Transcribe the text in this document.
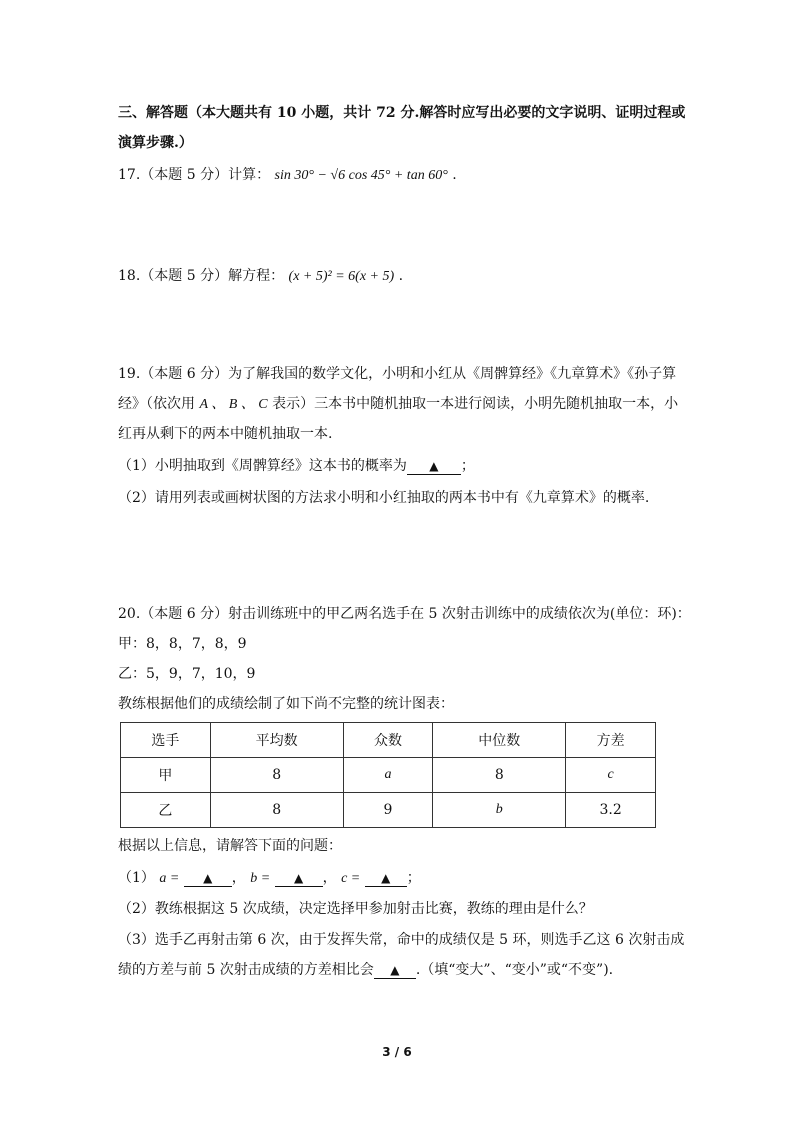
三、解答题（本大题共有 10 小题，共计 72 分.解答时应写出必要的文字说明、证明过程或
演算步骤.）
17.（本题 5 分）计算： sin 30° − √6 cos 45° + tan 60° .
18.（本题 5 分）解方程： (x + 5)² = 6(x + 5) .
19.（本题 6 分）为了解我国的数学文化，小明和小红从《周髀算经》《九章算术》《孙子算
经》（依次用 A 、 B 、 C 表示）三本书中随机抽取一本进行阅读，小明先随机抽取一本，小
红再从剩下的两本中随机抽取一本.
（1）小明抽取到《周髀算经》这本书的概率为 ▲ ；
（2）请用列表或画树状图的方法求小明和小红抽取的两本书中有《九章算术》的概率.
20.（本题 6 分）射击训练班中的甲乙两名选手在 5 次射击训练中的成绩依次为(单位：环)：
甲：8，8，7，8，9
乙：5，9，7，10，9
教练根据他们的成绩绘制了如下尚不完整的统计图表：
选手	平均数	众数	中位数	方差
甲	8	a	8	c
乙	8	9	b	3.2
根据以上信息，请解答下面的问题：
（1） a = ▲ ， b = ▲ ， c = ▲ ；
（2）教练根据这 5 次成绩，决定选择甲参加射击比赛，教练的理由是什么？
（3）选手乙再射击第 6 次，由于发挥失常，命中的成绩仅是 5 环，则选手乙这 6 次射击成
绩的方差与前 5 次射击成绩的方差相比会 ▲ .（填“变大”、“变小”或“不变”).
3 / 6
